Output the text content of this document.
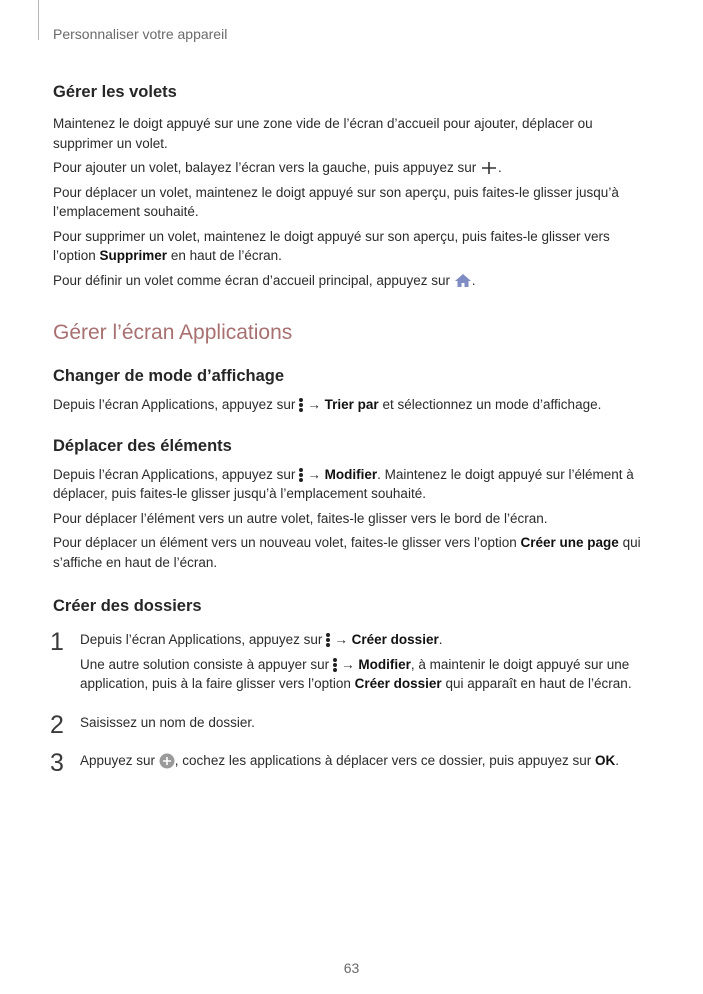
Personnaliser votre appareil
Gérer les volets

Maintenez le doigt appuyé sur une zone vide de l’écran d’accueil pour ajouter, déplacer ou supprimer un volet.

Pour ajouter un volet, balayez l’écran vers la gauche, puis appuyez sur .

Pour déplacer un volet, maintenez le doigt appuyé sur son aperçu, puis faites-le glisser jusqu’à l’emplacement souhaité.

Pour supprimer un volet, maintenez le doigt appuyé sur son aperçu, puis faites-le glisser vers l’option Supprimer en haut de l’écran.

Pour définir un volet comme écran d’accueil principal, appuyez sur .

Gérer l’écran Applications
Changer de mode d’affichage

Depuis l’écran Applications, appuyez sur → Trier par et sélectionnez un mode d’affichage.

Déplacer des éléments

Depuis l’écran Applications, appuyez sur → Modifier. Maintenez le doigt appuyé sur l’élément à déplacer, puis faites-le glisser jusqu’à l’emplacement souhaité.

Pour déplacer l’élément vers un autre volet, faites-le glisser vers le bord de l’écran.

Pour déplacer un élément vers un nouveau volet, faites-le glisser vers l’option Créer une page qui s’affiche en haut de l’écran.

Créer des dossiers
1 Depuis l’écran Applications, appuyez sur → Créer dossier.

Une autre solution consiste à appuyer sur → Modifier, à maintenir le doigt appuyé sur une application, puis à la faire glisser vers l’option Créer dossier qui apparaît en haut de l’écran.

2 Saisissez un nom de dossier.

3 Appuyez sur , cochez les applications à déplacer vers ce dossier, puis appuyez sur OK.

63
